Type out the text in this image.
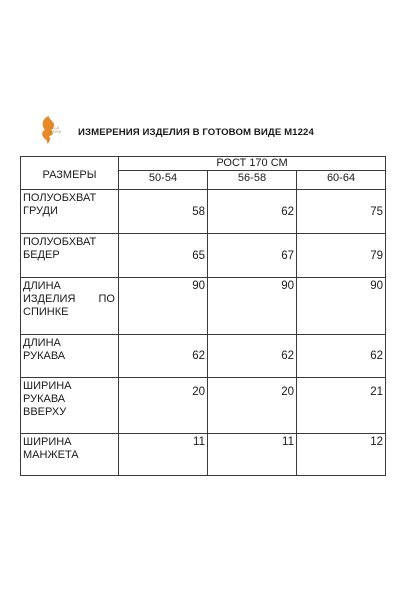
ELLA
STYLE ИЗМЕРЕНИЯ ИЗДЕЛИЯ В ГОТОВОМ ВИДЕ М1224
РАЗМЕРЫ	РОСТ 170 СМ		
	50-54	56-58	60-64

ПОЛУОБХВАТ
ГРУДИ	58	62	75

ПОЛУОБХВАТ
БЕДЕР	65	67	79

ДЛИНА
ИЗДЕЛИЯ ПО
СПИНКЕ	90	90	90

ДЛИНА
РУКАВА	62	62	62

ШИРИНА
РУКАВА
ВВЕРХУ	20	20	21

ШИРИНА
МАНЖЕТА	11	11	12
